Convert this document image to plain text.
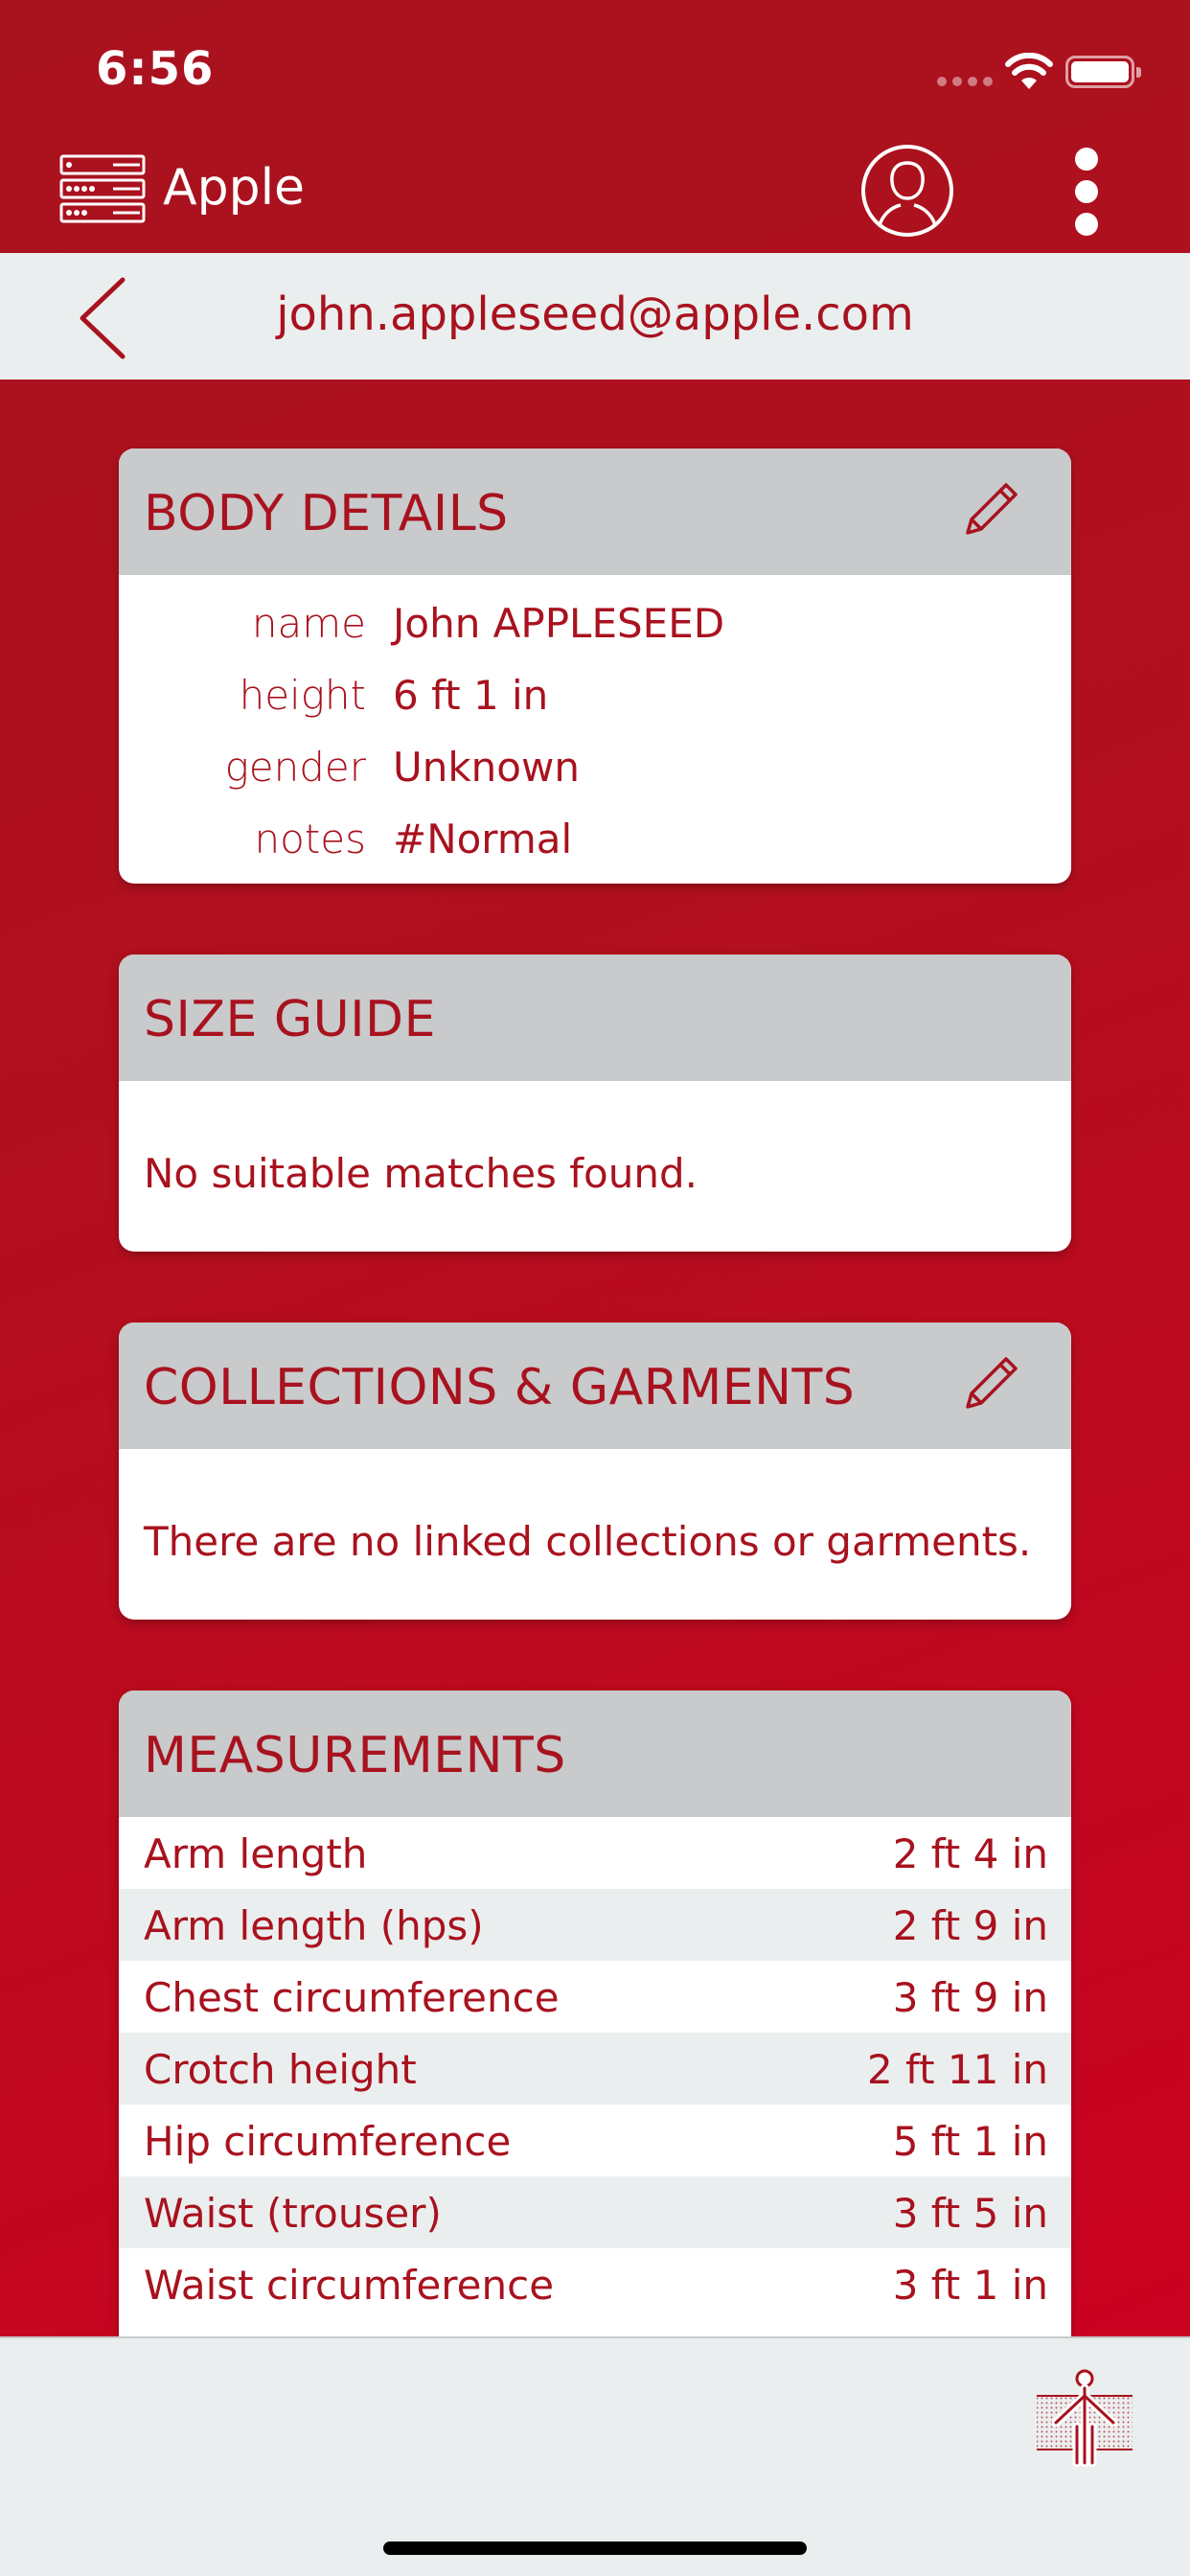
6:56
Apple
john.appleseed@apple.com
BODY DETAILS
name John APPLESEED
height 6 ft 1 in
gender Unknown
notes #Normal
SIZE GUIDE
No suitable matches found.
COLLECTIONS & GARMENTS
There are no linked collections or garments.
MEASUREMENTS
Arm length	2 ft 4 in
Arm length (hps)	2 ft 9 in
Chest circumference	3 ft 9 in
Crotch height	2 ft 11 in
Hip circumference	5 ft 1 in
Waist (trouser)	3 ft 5 in
Waist circumference	3 ft 1 in
